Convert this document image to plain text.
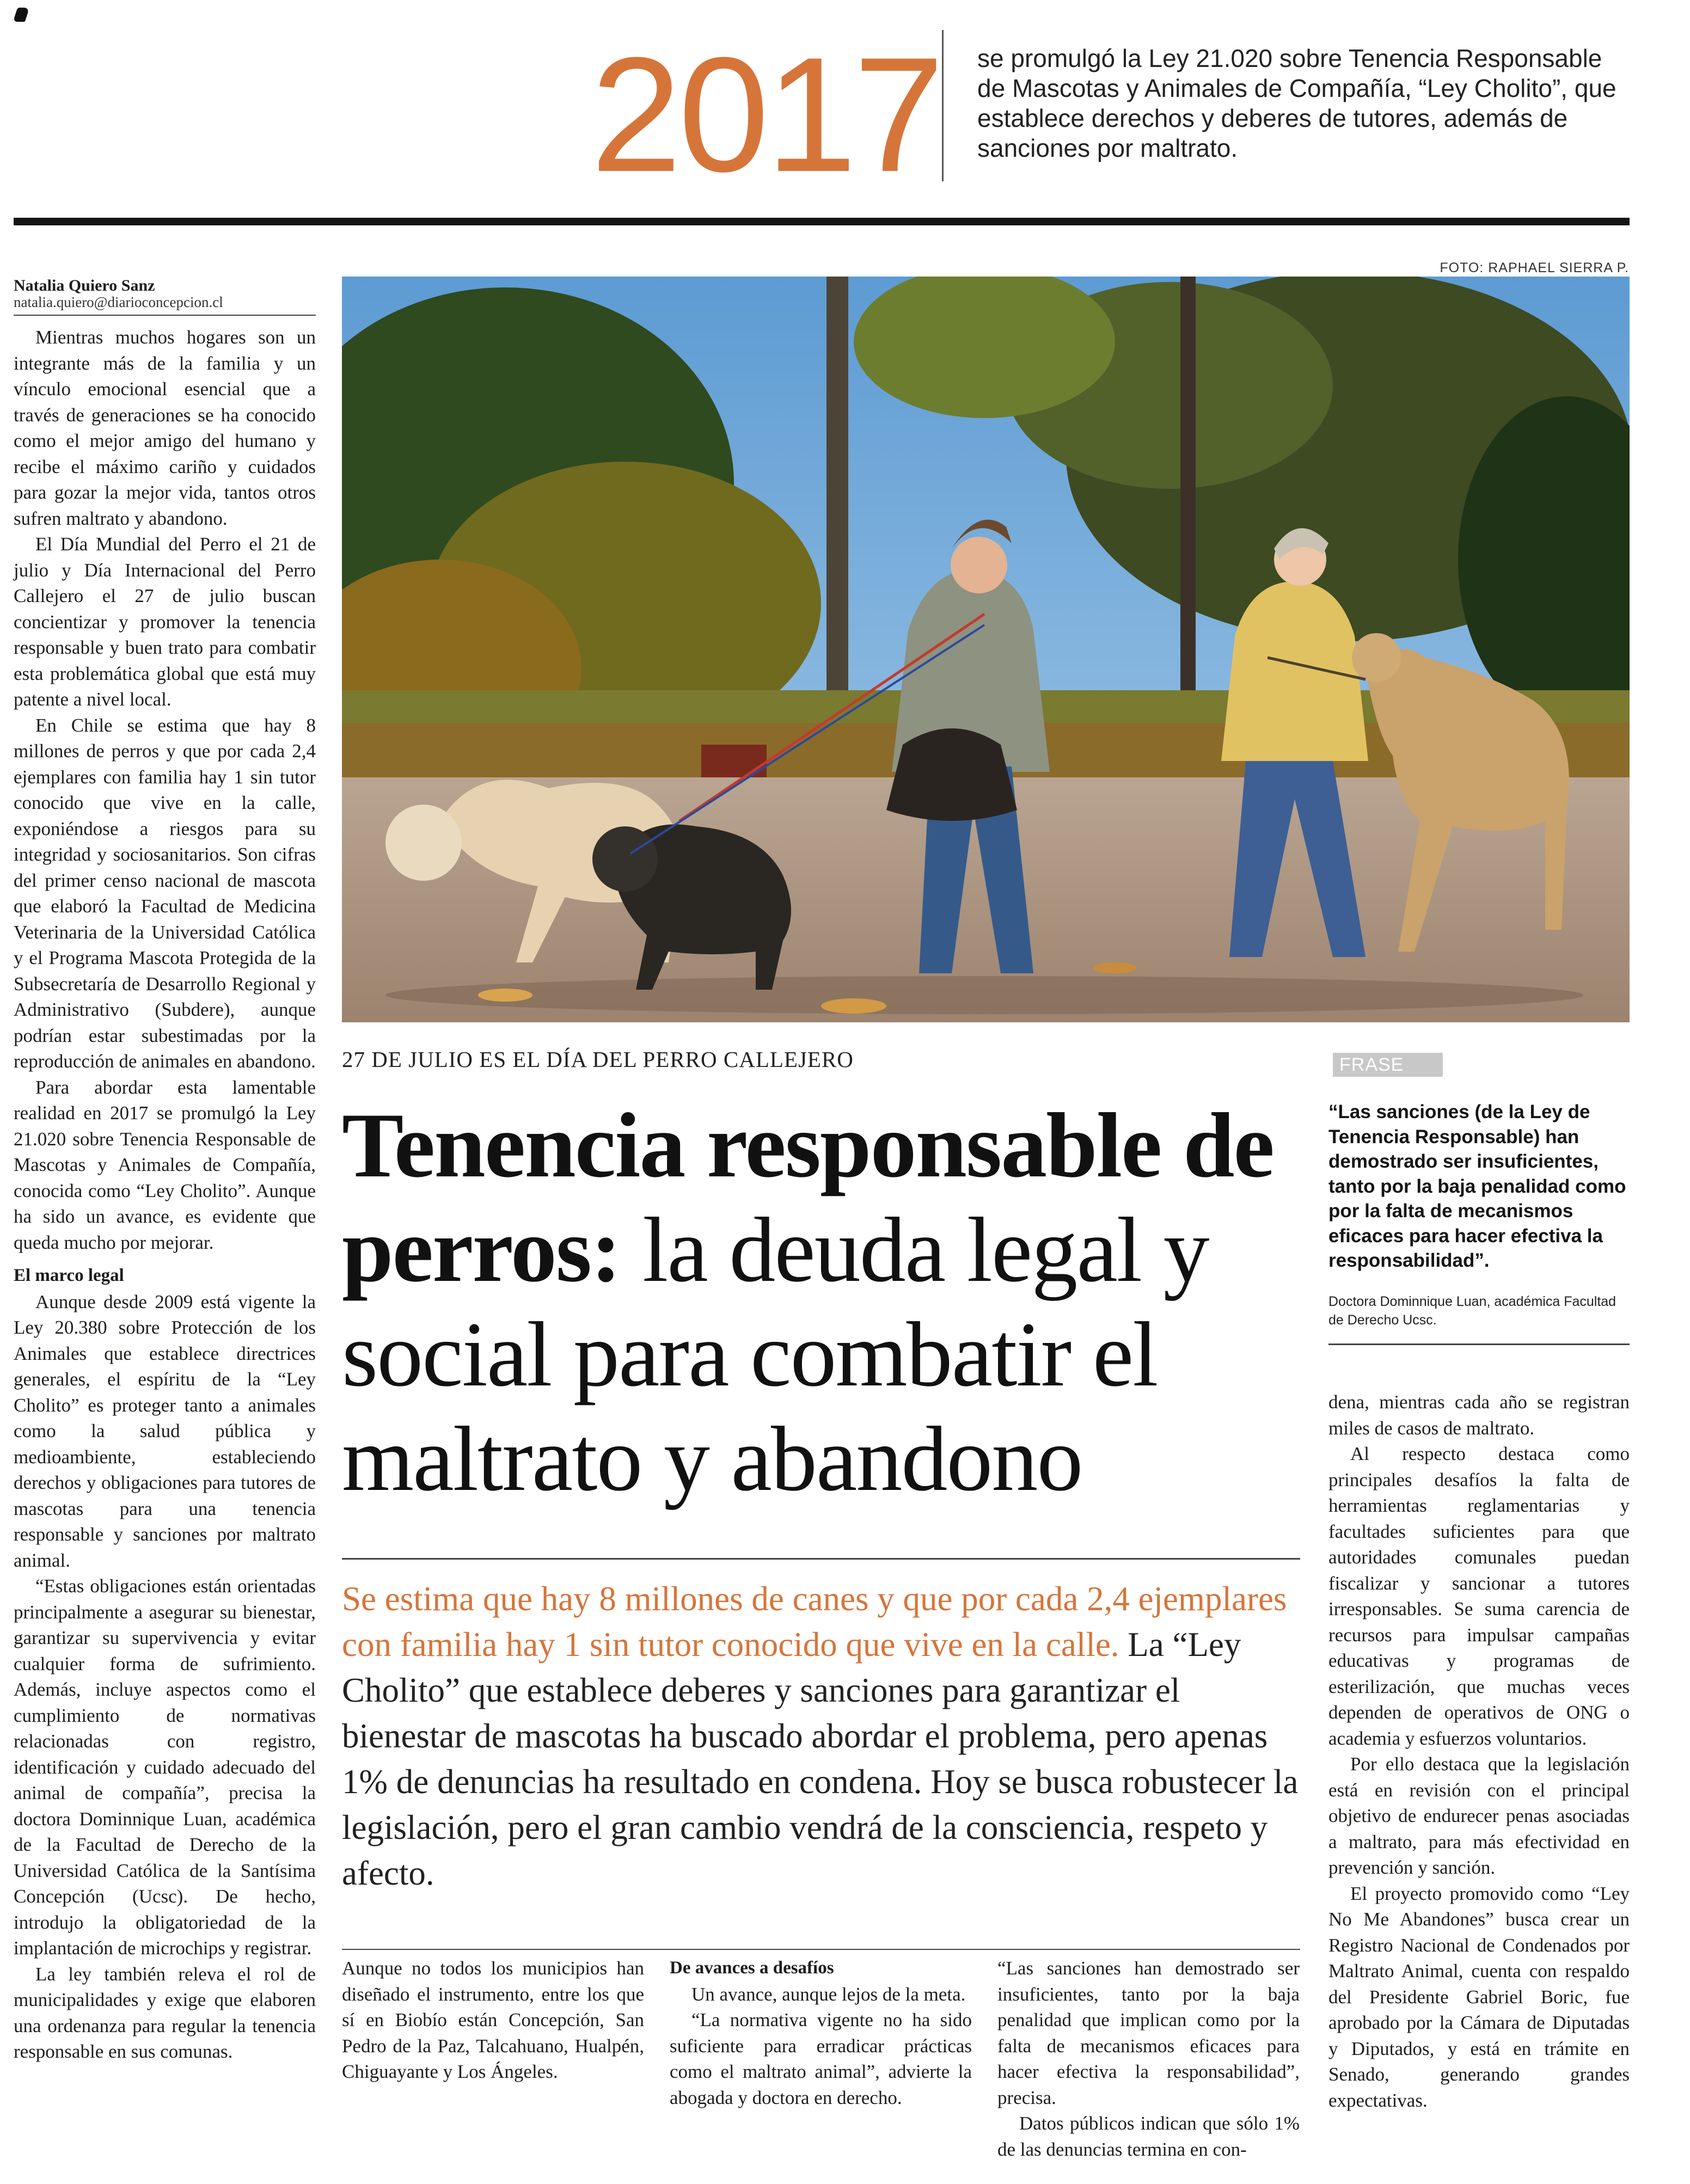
2017 se promulgó la Ley 21.020 sobre Tenencia Responsable de Mascotas y Animales de Compañía, “Ley Cholito”, que establece derechos y deberes de tutores, además de sanciones por maltrato.
Natalia Quiero Sanz
natalia.quiero@diarioconcepcion.cl

Mientras muchos hogares son un integrante más de la familia y un vínculo emocional esencial que a través de generaciones se ha conocido como el mejor amigo del humano y recibe el máximo cariño y cuidados para gozar la mejor vida, tantos otros sufren maltrato y abandono.

El Día Mundial del Perro el 21 de julio y Día Internacional del Perro Callejero el 27 de julio buscan concientizar y promover la tenencia responsable y buen trato para combatir esta problemática global que está muy patente a nivel local.

En Chile se estima que hay 8 millones de perros y que por cada 2,4 ejemplares con familia hay 1 sin tutor conocido que vive en la calle, exponiéndose a riesgos para su integridad y sociosanitarios. Son cifras del primer censo nacional de mascota que elaboró la Facultad de Medicina Veterinaria de la Universidad Católica y el Programa Mascota Protegida de la Subsecretaría de Desarrollo Regional y Administrativo (Subdere), aunque podrían estar subestimadas por la reproducción de animales en abandono.

Para abordar esta lamentable realidad en 2017 se promulgó la Ley 21.020 sobre Tenencia Responsable de Mascotas y Animales de Compañía, conocida como “Ley Cholito”. Aunque ha sido un avance, es evidente que queda mucho por mejorar.

El marco legal

Aunque desde 2009 está vigente la Ley 20.380 sobre Protección de los Animales que establece directrices generales, el espíritu de la “Ley Cholito” es proteger tanto a animales como la salud pública y medioambiente, estableciendo derechos y obligaciones para tutores de mascotas para una tenencia responsable y sanciones por maltrato animal.

“Estas obligaciones están orientadas principalmente a asegurar su bienestar, garantizar su supervivencia y evitar cualquier forma de sufrimiento. Además, incluye aspectos como el cumplimiento de normativas relacionadas con registro, identificación y cuidado adecuado del animal de compañía”, precisa la doctora Dominnique Luan, académica de la Facultad de Derecho de la Universidad Católica de la Santísima Concepción (Ucsc). De hecho, introdujo la obligatoriedad de la implantación de microchips y registrar.

La ley también releva el rol de municipalidades y exige que elaboren una ordenanza para regular la tenencia responsable en sus comunas.

FOTO: RAPHAEL SIERRA P.
27 DE JULIO ES EL DÍA DEL PERRO CALLEJERO
Tenencia responsable de perros: la deuda legal y social para combatir el maltrato y abandono
Se estima que hay 8 millones de canes y que por cada 2,4 ejemplares con familia hay 1 sin tutor conocido que vive en la calle. La “Ley Cholito” que establece deberes y sanciones para garantizar el bienestar de mascotas ha buscado abordar el problema, pero apenas 1% de denuncias ha resultado en condena. Hoy se busca robustecer la legislación, pero el gran cambio vendrá de la consciencia, respeto y afecto.
FRASE
“Las sanciones (de la Ley de Tenencia Responsable) han demostrado ser insuficientes, tanto por la baja penalidad como por la falta de mecanismos eficaces para hacer efectiva la responsabilidad”.
Doctora Dominnique Luan, académica Facultad de Derecho Ucsc.

dena, mientras cada año se registran miles de casos de maltrato.

Al respecto destaca como principales desafíos la falta de herramientas reglamentarias y facultades suficientes para que autoridades comunales puedan fiscalizar y sancionar a tutores irresponsables. Se suma carencia de recursos para impulsar campañas educativas y programas de esterilización, que muchas veces dependen de operativos de ONG o academia y esfuerzos voluntarios.

Por ello destaca que la legislación está en revisión con el principal objetivo de endurecer penas asociadas a maltrato, para más efectividad en prevención y sanción.

El proyecto promovido como “Ley No Me Abandones” busca crear un Registro Nacional de Condenados por Maltrato Animal, cuenta con respaldo del Presidente Gabriel Boric, fue aprobado por la Cámara de Diputadas y Diputados, y está en trámite en Senado, generando grandes expectativas.

Aunque no todos los municipios han diseñado el instrumento, entre los que sí en Biobío están Concepción, San Pedro de la Paz, Talcahuano, Hualpén, Chiguayante y Los Ángeles.

De avances a desafíos

Un avance, aunque lejos de la meta.

“La normativa vigente no ha sido suficiente para erradicar prácticas como el maltrato animal”, advierte la abogada y doctora en derecho.

“Las sanciones han demostrado ser insuficientes, tanto por la baja penalidad que implican como por la falta de mecanismos eficaces para hacer efectiva la responsabilidad”, precisa.

Datos públicos indican que sólo 1% de las denuncias termina en con-
